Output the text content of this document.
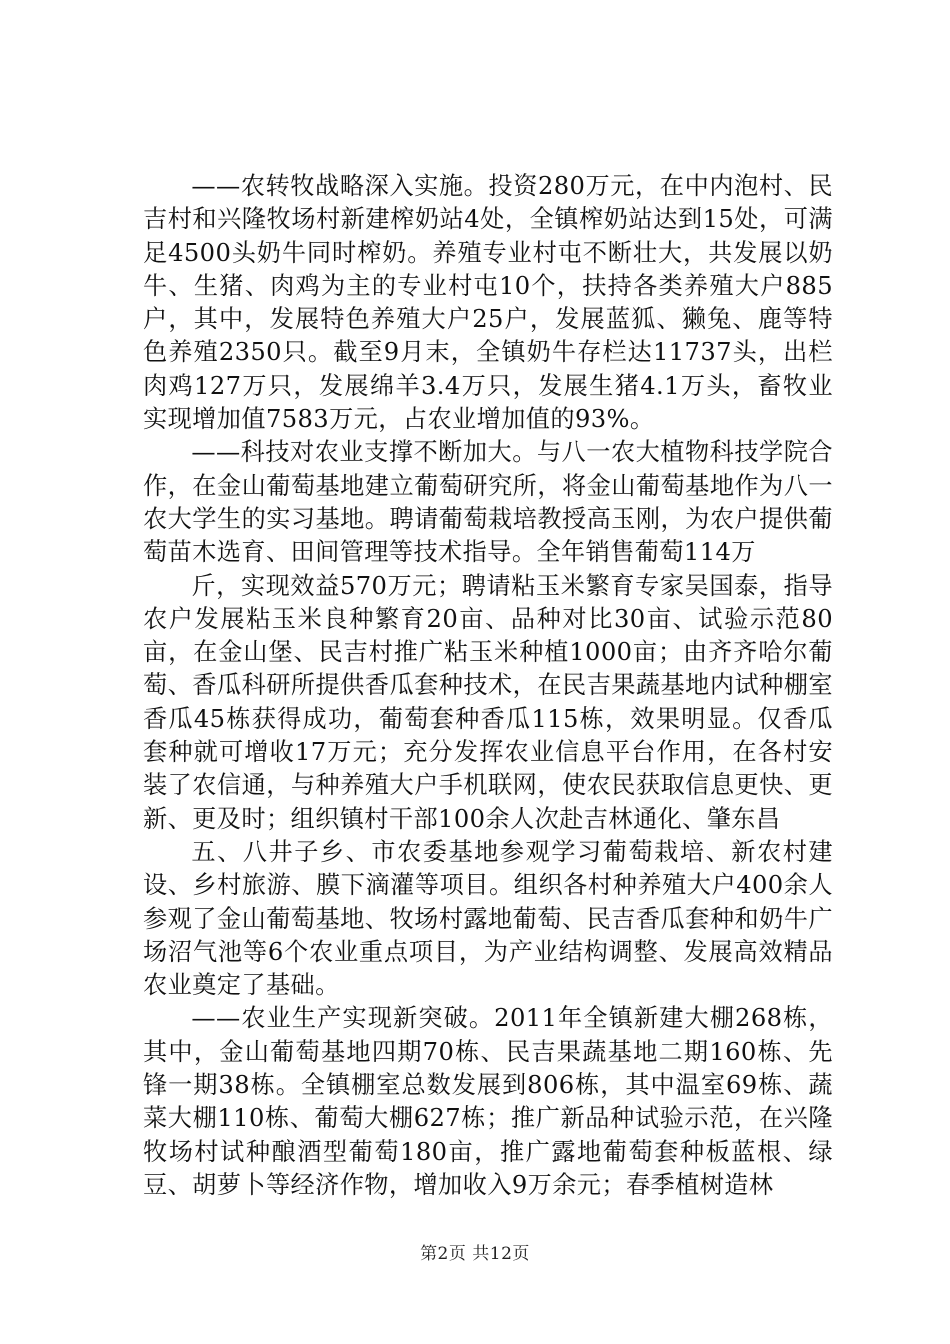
——农转牧战略深入实施。投资280万元，在中内泡村、民吉村和兴隆牧场村新建榨奶站4处，全镇榨奶站达到15处，可满足4500头奶牛同时榨奶。养殖专业村屯不断壮大，共发展以奶牛、生猪、肉鸡为主的专业村屯10个，扶持各类养殖大户885户，其中，发展特色养殖大户25户，发展蓝狐、獭兔、鹿等特色养殖2350只。截至9月末，全镇奶牛存栏达11737头，出栏肉鸡127万只，发展绵羊3.4万只，发展生猪4.1万头，畜牧业实现增加值7583万元，占农业增加值的93%。

——科技对农业支撑不断加大。与八一农大植物科技学院合作，在金山葡萄基地建立葡萄研究所，将金山葡萄基地作为八一农大学生的实习基地。聘请葡萄栽培教授高玉刚，为农户提供葡萄苗木选育、田间管理等技术指导。全年销售葡萄114万

斤，实现效益570万元；聘请粘玉米繁育专家吴国泰，指导农户发展粘玉米良种繁育20亩、品种对比30亩、试验示范80亩，在金山堡、民吉村推广粘玉米种植1000亩；由齐齐哈尔葡萄、香瓜科研所提供香瓜套种技术，在民吉果蔬基地内试种棚室香瓜45栋获得成功，葡萄套种香瓜115栋，效果明显。仅香瓜套种就可增收17万元；充分发挥农业信息平台作用，在各村安装了农信通，与种养殖大户手机联网，使农民获取信息更快、更新、更及时；组织镇村干部100余人次赴吉林通化、肇东昌

五、八井子乡、市农委基地参观学习葡萄栽培、新农村建设、乡村旅游、膜下滴灌等项目。组织各村种养殖大户400余人参观了金山葡萄基地、牧场村露地葡萄、民吉香瓜套种和奶牛广场沼气池等6个农业重点项目，为产业结构调整、发展高效精品农业奠定了基础。

——农业生产实现新突破。2011年全镇新建大棚268栋，其中，金山葡萄基地四期70栋、民吉果蔬基地二期160栋、先锋一期38栋。全镇棚室总数发展到806栋，其中温室69栋、蔬菜大棚110栋、葡萄大棚627栋；推广新品种试验示范，在兴隆牧场村试种酿酒型葡萄180亩，推广露地葡萄套种板蓝根、绿豆、胡萝卜等经济作物，增加收入9万余元；春季植树造林

第2页 共12页
